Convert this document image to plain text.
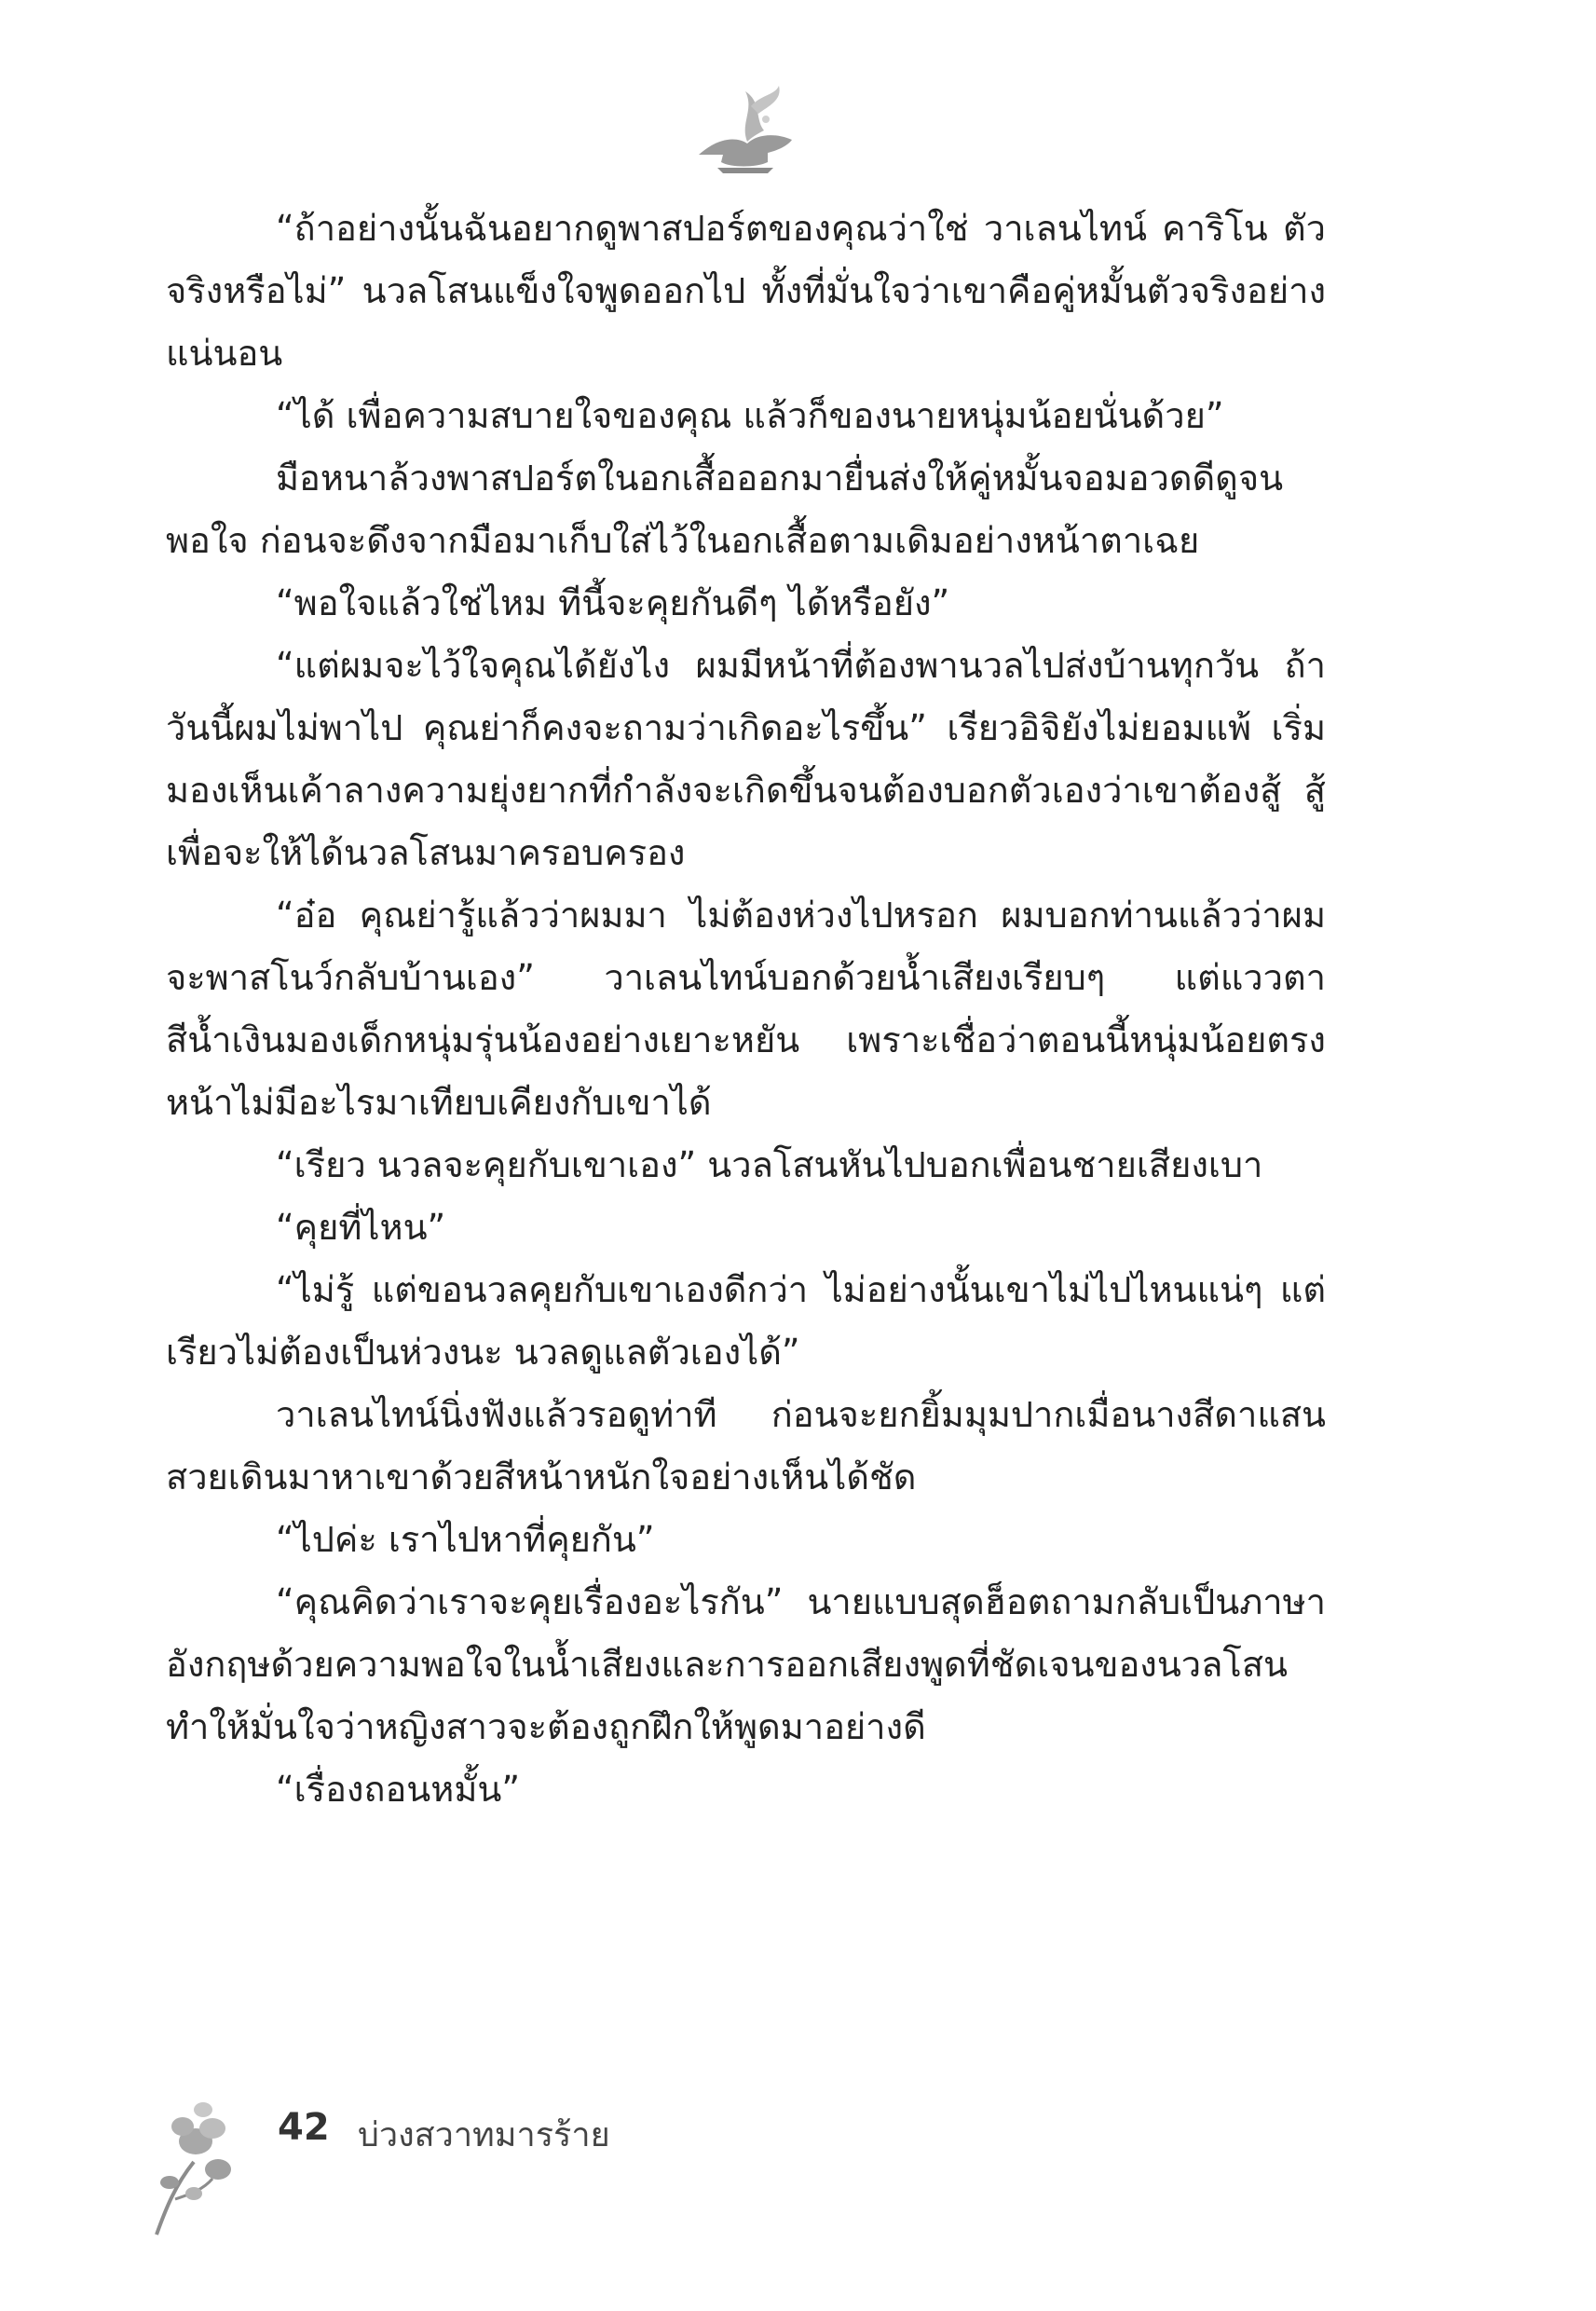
“ถ้าอย่างนั้นฉันอยากดูพาสปอร์ตของคุณว่าใช่ วาเลนไทน์ คาริโน ตัวจริงหรือไม่” นวลโสนแข็งใจพูดออกไป ทั้งที่มั่นใจว่าเขาคือคู่หมั้นตัวจริงอย่างแน่นอน

“ได้ เพื่อความสบายใจของคุณ แล้วก็ของนายหนุ่มน้อยนั่นด้วย”

มือหนาล้วงพาสปอร์ตในอกเสื้อออกมายื่นส่งให้คู่หมั้นจอมอวดดีดูจนพอใจ ก่อนจะดึงจากมือมาเก็บใส่ไว้ในอกเสื้อตามเดิมอย่างหน้าตาเฉย

“พอใจแล้วใช่ไหม ทีนี้จะคุยกันดีๆ ได้หรือยัง”

“แต่ผมจะไว้ใจคุณได้ยังไง ผมมีหน้าที่ต้องพานวลไปส่งบ้านทุกวัน ถ้าวันนี้ผมไม่พาไป คุณย่าก็คงจะถามว่าเกิดอะไรขึ้น” เรียวอิจิยังไม่ยอมแพ้ เริ่มมองเห็นเค้าลางความยุ่งยากที่กำลังจะเกิดขึ้นจนต้องบอกตัวเองว่าเขาต้องสู้ สู้เพื่อจะให้ได้นวลโสนมาครอบครอง

“อ๋อ คุณย่ารู้แล้วว่าผมมา ไม่ต้องห่วงไปหรอก ผมบอกท่านแล้วว่าผมจะพาสโนว์กลับบ้านเอง” วาเลนไทน์บอกด้วยน้ำเสียงเรียบๆ แต่แววตาสีน้ำเงินมองเด็กหนุ่มรุ่นน้องอย่างเยาะหยัน เพราะเชื่อว่าตอนนี้หนุ่มน้อยตรงหน้าไม่มีอะไรมาเทียบเคียงกับเขาได้

“เรียว นวลจะคุยกับเขาเอง” นวลโสนหันไปบอกเพื่อนชายเสียงเบา

“คุยที่ไหน”

“ไม่รู้ แต่ขอนวลคุยกับเขาเองดีกว่า ไม่อย่างนั้นเขาไม่ไปไหนแน่ๆ แต่เรียวไม่ต้องเป็นห่วงนะ นวลดูแลตัวเองได้”

วาเลนไทน์นิ่งฟังแล้วรอดูท่าที ก่อนจะยกยิ้มมุมปากเมื่อนางสีดาแสนสวยเดินมาหาเขาด้วยสีหน้าหนักใจอย่างเห็นได้ชัด

“ไปค่ะ เราไปหาที่คุยกัน”

“คุณคิดว่าเราจะคุยเรื่องอะไรกัน” นายแบบสุดฮ็อตถามกลับเป็นภาษาอังกฤษด้วยความพอใจในน้ำเสียงและการออกเสียงพูดที่ชัดเจนของนวลโสน ทำให้มั่นใจว่าหญิงสาวจะต้องถูกฝึกให้พูดมาอย่างดี

“เรื่องถอนหมั้น”

42 บ่วงสวาทมารร้าย
